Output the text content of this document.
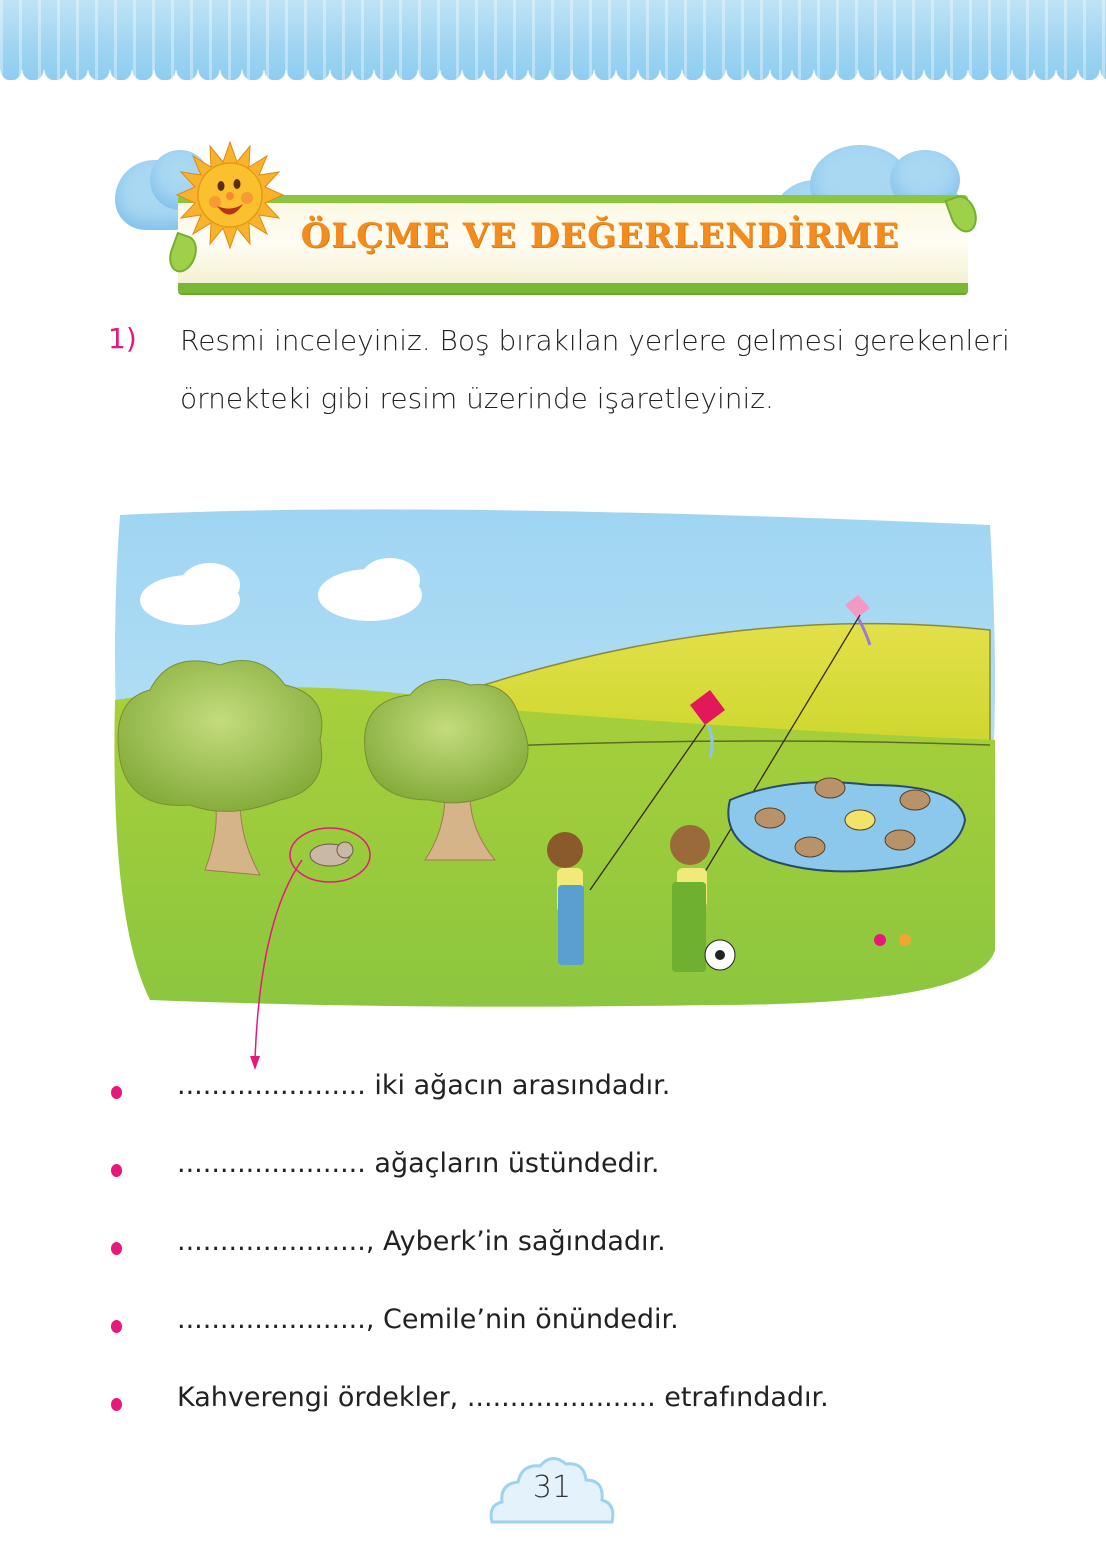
ÖLÇME VE DEĞERLENDİRME
1) Resmi inceleyiniz. Boş bırakılan yerlere gelmesi gerekenleri örnekteki gibi resim üzerinde işaretleyiniz.
...................... iki ağacın arasındadır.
...................... ağaçların üstündedir.
......................, Ayberk’in sağındadır.
......................, Cemile’nin önündedir.
Kahverengi ördekler, ...................... etrafındadır.
31
